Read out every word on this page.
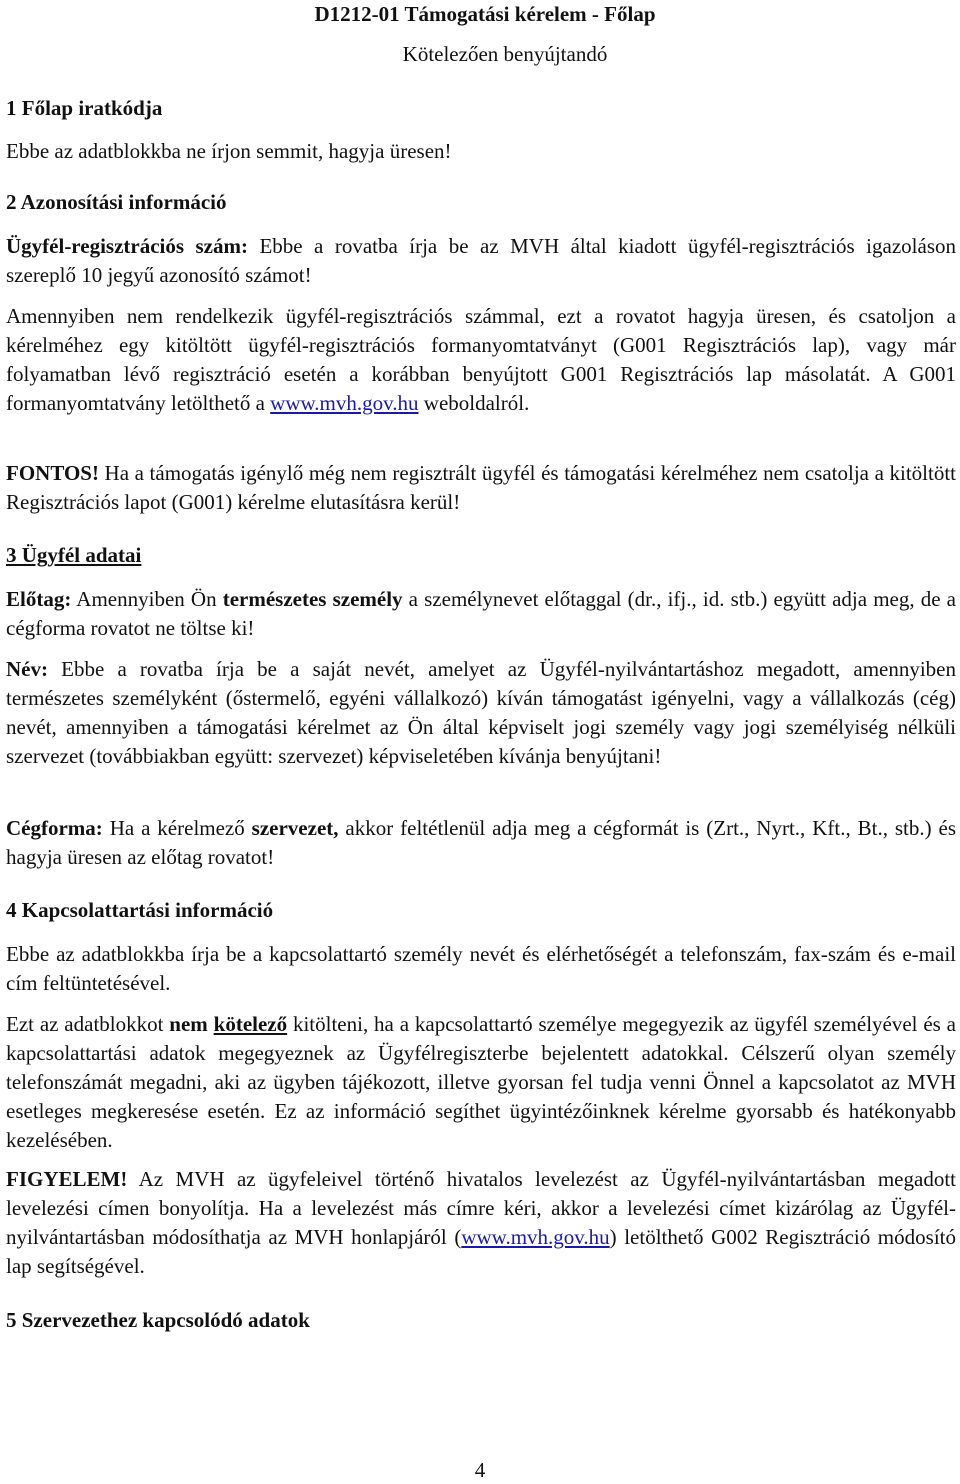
D1212-01 Támogatási kérelem - Főlap
Kötelezően benyújtandó
1 Főlap iratkódja
Ebbe az adatblokkba ne írjon semmit, hagyja üresen!
2 Azonosítási információ
Ügyfél-regisztrációs szám: Ebbe a rovatba írja be az MVH által kiadott ügyfél-regisztrációs igazoláson szereplő 10 jegyű azonosító számot!
Amennyiben nem rendelkezik ügyfél-regisztrációs számmal, ezt a rovatot hagyja üresen, és csatoljon a kérelméhez egy kitöltött ügyfél-regisztrációs formanyomtatványt (G001 Regisztrációs lap), vagy már folyamatban lévő regisztráció esetén a korábban benyújtott G001 Regisztrációs lap másolatát. A G001 formanyomtatvány letölthető a www.mvh.gov.hu weboldalról.
FONTOS! Ha a támogatás igénylő még nem regisztrált ügyfél és támogatási kérelméhez nem csatolja a kitöltött Regisztrációs lapot (G001) kérelme elutasításra kerül!
3 Ügyfél adatai
Előtag: Amennyiben Ön természetes személy a személynevet előtaggal (dr., ifj., id. stb.) együtt adja meg, de a cégforma rovatot ne töltse ki!
Név: Ebbe a rovatba írja be a saját nevét, amelyet az Ügyfél-nyilvántartáshoz megadott, amennyiben természetes személyként (őstermelő, egyéni vállalkozó) kíván támogatást igényelni, vagy a vállalkozás (cég) nevét, amennyiben a támogatási kérelmet az Ön által képviselt jogi személy vagy jogi személyiség nélküli szervezet (továbbiakban együtt: szervezet) képviseletében kívánja benyújtani!
Cégforma: Ha a kérelmező szervezet, akkor feltétlenül adja meg a cégformát is (Zrt., Nyrt., Kft., Bt., stb.) és hagyja üresen az előtag rovatot!
4 Kapcsolattartási információ
Ebbe az adatblokkba írja be a kapcsolattartó személy nevét és elérhetőségét a telefonszám, fax-szám és e-mail cím feltüntetésével.
Ezt az adatblokkot nem kötelező kitölteni, ha a kapcsolattartó személye megegyezik az ügyfél személyével és a kapcsolattartási adatok megegyeznek az Ügyfélregiszterbe bejelentett adatokkal. Célszerű olyan személy telefonszámát megadni, aki az ügyben tájékozott, illetve gyorsan fel tudja venni Önnel a kapcsolatot az MVH esetleges megkeresése esetén. Ez az információ segíthet ügyintézőinknek kérelme gyorsabb és hatékonyabb kezelésében.
FIGYELEM! Az MVH az ügyfeleivel történő hivatalos levelezést az Ügyfél-nyilvántartásban megadott levelezési címen bonyolítja. Ha a levelezést más címre kéri, akkor a levelezési címet kizárólag az Ügyfél-nyilvántartásban módosíthatja az MVH honlapjáról (www.mvh.gov.hu) letölthető G002 Regisztráció módosító lap segítségével.
5 Szervezethez kapcsolódó adatok
4
